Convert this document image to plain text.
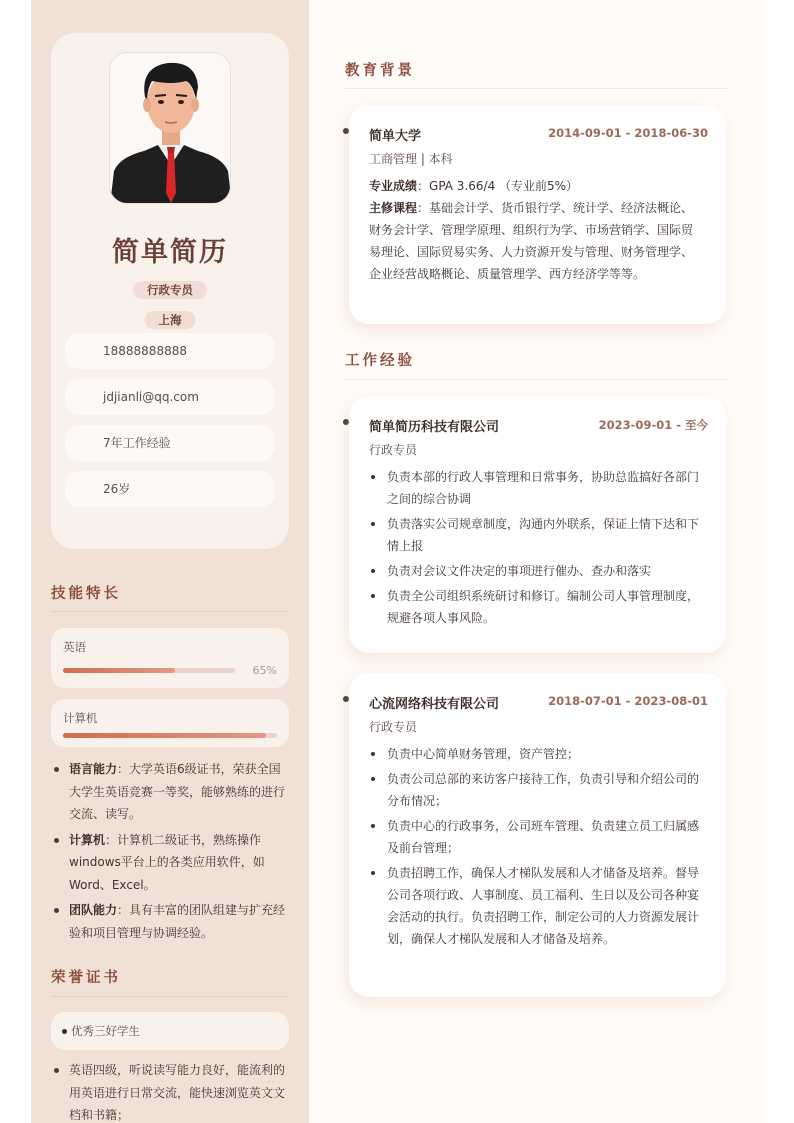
简单简历
行政专员
上海
18888888888
jdjianli@qq.com
7年工作经验
26岁
技能特长
英语
65%
计算机
语言能力：大学英语6级证书，荣获全国大学生英语竞赛一等奖，能够熟练的进行交流、读写。
计算机：计算机二级证书，熟练操作windows平台上的各类应用软件，如Word、Excel。
团队能力：具有丰富的团队组建与扩充经验和项目管理与协调经验。
荣誉证书
优秀三好学生
英语四级，听说读写能力良好，能流利的用英语进行日常交流，能快速浏览英文文档和书籍；
教育背景
简单大学	2014-09-01 - 2018-06-30
工商管理 | 本科
专业成绩：GPA 3.66/4 （专业前5%）
主修课程：基础会计学、货币银行学、统计学、经济法概论、财务会计学、管理学原理、组织行为学、市场营销学、国际贸易理论、国际贸易实务、人力资源开发与管理、财务管理学、企业经营战略概论、质量管理学、西方经济学等等。
工作经验
简单简历科技有限公司	2023-09-01 - 至今
行政专员
负责本部的行政人事管理和日常事务，协助总监搞好各部门之间的综合协调
负责落实公司规章制度，沟通内外联系，保证上情下达和下情上报
负责对会议文件决定的事项进行催办、查办和落实
负责全公司组织系统研讨和修订。编制公司人事管理制度，规避各项人事风险。
心流网络科技有限公司	2018-07-01 - 2023-08-01
行政专员
负责中心简单财务管理，资产管控；
负责公司总部的来访客户接待工作，负责引导和介绍公司的分布情况；
负责中心的行政事务，公司班车管理、负责建立员工归属感及前台管理；
负责招聘工作，确保人才梯队发展和人才储备及培养。督导公司各项行政、人事制度、员工福利、生日以及公司各种宴会活动的执行。负责招聘工作，制定公司的人力资源发展计划，确保人才梯队发展和人才储备及培养。
